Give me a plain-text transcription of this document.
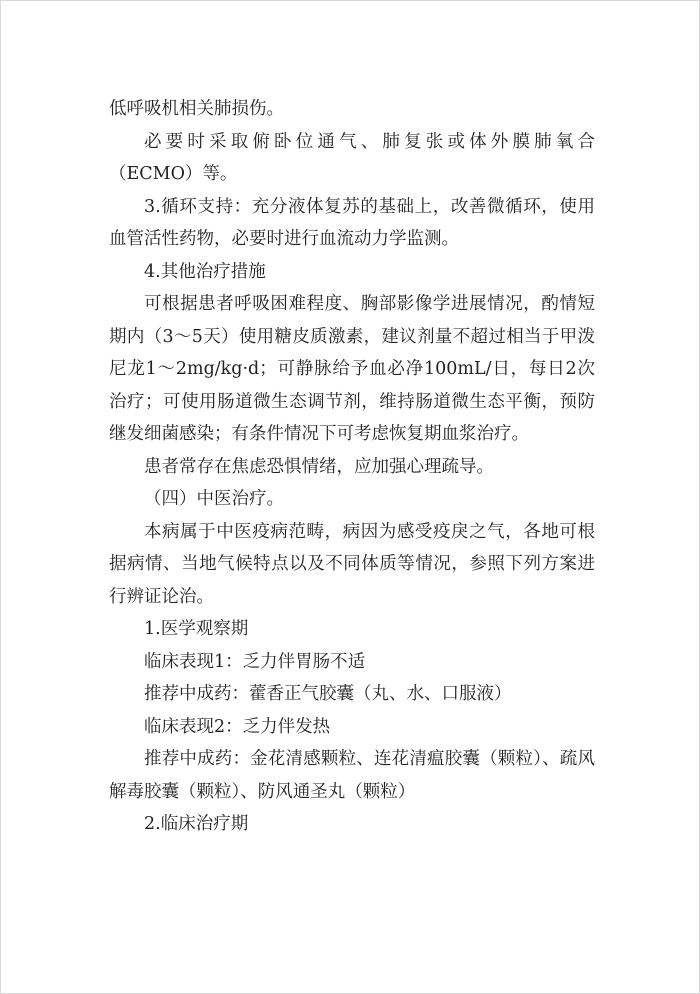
低呼吸机相关肺损伤。

必要时采取俯卧位通气、肺复张或体外膜肺氧合（ECMO）等。

3.循环支持：充分液体复苏的基础上，改善微循环，使用血管活性药物，必要时进行血流动力学监测。

4.其他治疗措施

可根据患者呼吸困难程度、胸部影像学进展情况，酌情短期内（3～5天）使用糖皮质激素，建议剂量不超过相当于甲泼尼龙1～2mg/kg·d；可静脉给予血必净100mL/日，每日2次治疗；可使用肠道微生态调节剂，维持肠道微生态平衡，预防继发细菌感染；有条件情况下可考虑恢复期血浆治疗。

患者常存在焦虑恐惧情绪，应加强心理疏导。

（四）中医治疗。

本病属于中医疫病范畴，病因为感受疫戾之气，各地可根据病情、当地气候特点以及不同体质等情况，参照下列方案进行辨证论治。

1.医学观察期

临床表现1：乏力伴胃肠不适

推荐中成药：藿香正气胶囊（丸、水、口服液）

临床表现2：乏力伴发热

推荐中成药：金花清感颗粒、连花清瘟胶囊（颗粒）、疏风解毒胶囊（颗粒）、防风通圣丸（颗粒）

2.临床治疗期
